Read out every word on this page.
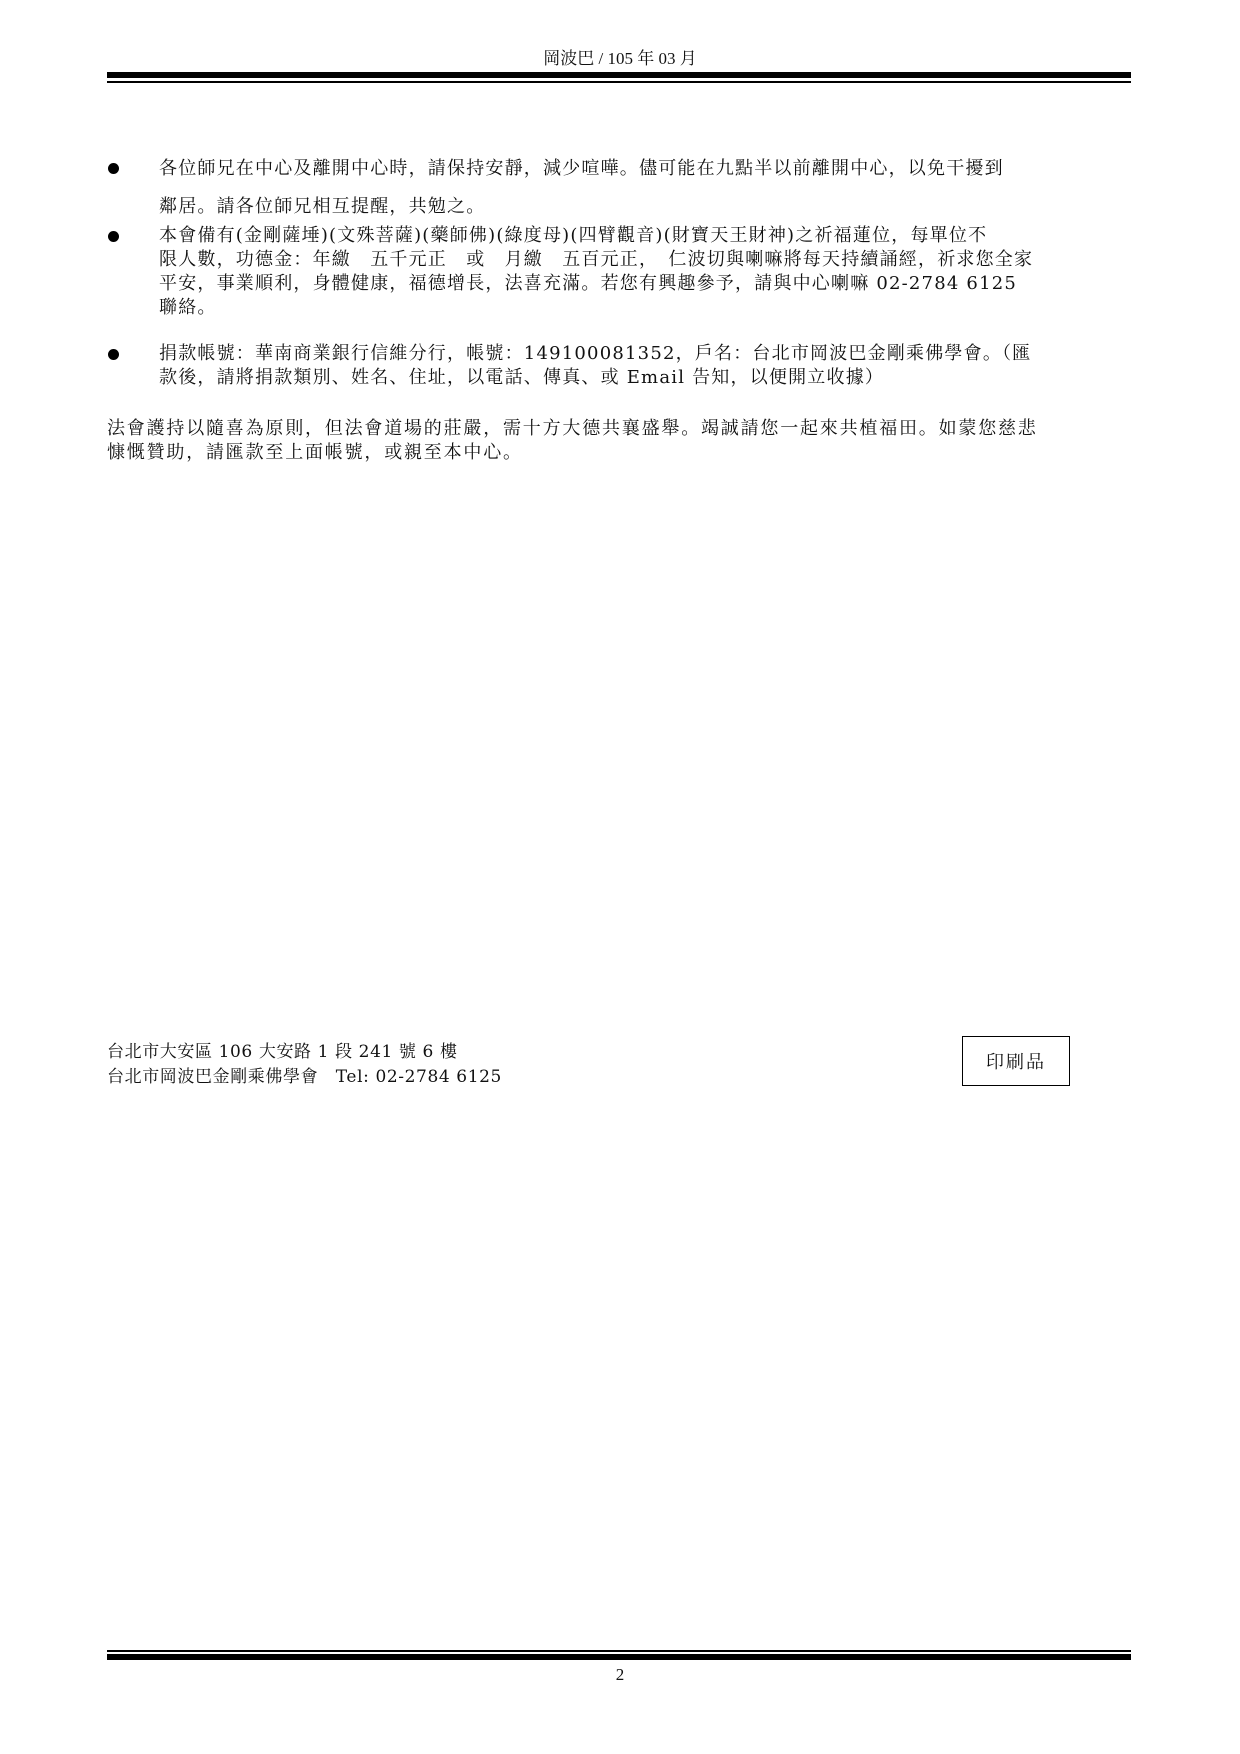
岡波巴 / 105 年 03 月
各位師兄在中心及離開中心時，請保持安靜，減少喧嘩。儘可能在九點半以前離開中心，以免干擾到
鄰居。請各位師兄相互提醒，共勉之。
本會備有(金剛薩埵)(文殊菩薩)(藥師佛)(綠度母)(四臂觀音)(財寶天王財神)之祈福蓮位，每單位不
限人數，功德金：年繳　五千元正　或　月繳　五百元正，　仁波切與喇嘛將每天持續誦經，祈求您全家
平安，事業順利，身體健康，福德增長，法喜充滿。若您有興趣參予，請與中心喇嘛 02-2784 6125
聯絡。
捐款帳號：華南商業銀行信維分行，帳號：149100081352，戶名：台北市岡波巴金剛乘佛學會。（匯
款後，請將捐款類別、姓名、住址，以電話、傳真、或 Email 告知，以便開立收據）
法會護持以隨喜為原則，但法會道場的莊嚴，需十方大德共襄盛舉。竭誠請您一起來共植福田。如蒙您慈悲
慷慨贊助，請匯款至上面帳號，或親至本中心。
台北市大安區 106 大安路 1 段 241 號 6 樓
台北市岡波巴金剛乘佛學會　Tel: 02-2784 6125
印刷品
2
